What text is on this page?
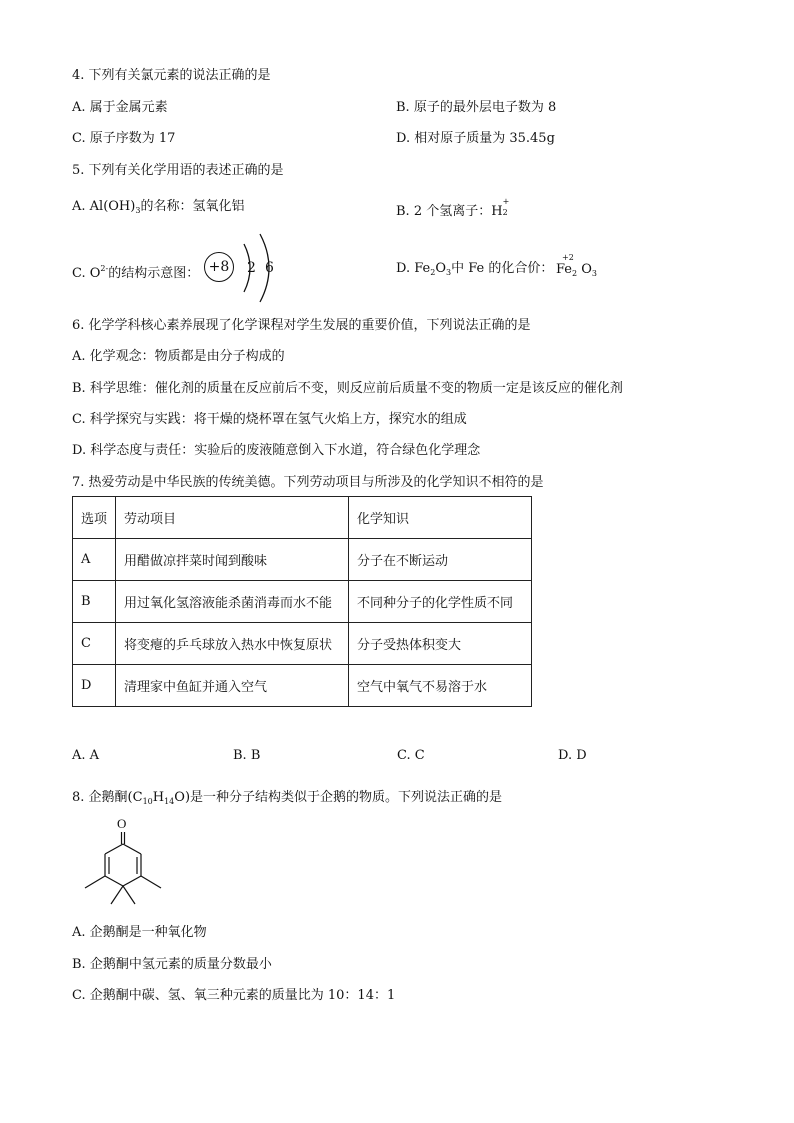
4. 下列有关氯元素的说法正确的是
A. 属于金属元素	B. 原子的最外层电子数为 8
C. 原子序数为 17	D. 相对原子质量为 35.45g
5. 下列有关化学用语的表述正确的是
A. $Al(OH)_3$的名称：氢氧化铝	B. 2 个氢离子：H
+
2
C. $O^{2-}$的结构示意图： +8	2 6	D. $Fe_2O_3$中 Fe 的化合价：
+2
$Fe_2$ $O_3$
6. 化学学科核心素养展现了化学课程对学生发展的重要价值，下列说法正确的是
A. 化学观念：物质都是由分子构成的
B. 科学思维：催化剂的质量在反应前后不变，则反应前后质量不变的物质一定是该反应的催化剂
C. 科学探究与实践：将干燥的烧杯罩在氢气火焰上方，探究水的组成
D. 科学态度与责任：实验后的废液随意倒入下水道，符合绿色化学理念
7. 热爱劳动是中华民族的传统美德。下列劳动项目与所涉及的化学知识不相符的是
选项	劳动项目	化学知识
A	用醋做凉拌菜时闻到酸味	分子在不断运动
B	用过氧化氢溶液能杀菌消毒而水不能	不同种分子的化学性质不同
C	将变瘪的乒乓球放入热水中恢复原状	分子受热体积变大
D	清理家中鱼缸并通入空气	空气中氧气不易溶于水
A. A	B. B	C. C	D. D
8. 企鹅酮$(C_{10}H_{14}O)$是一种分子结构类似于企鹅的物质。下列说法正确的是
O
A. 企鹅酮是一种氧化物
B. 企鹅酮中氢元素的质量分数最小
C. 企鹅酮中碳、氢、氧三种元素的质量比为 10：14：1
